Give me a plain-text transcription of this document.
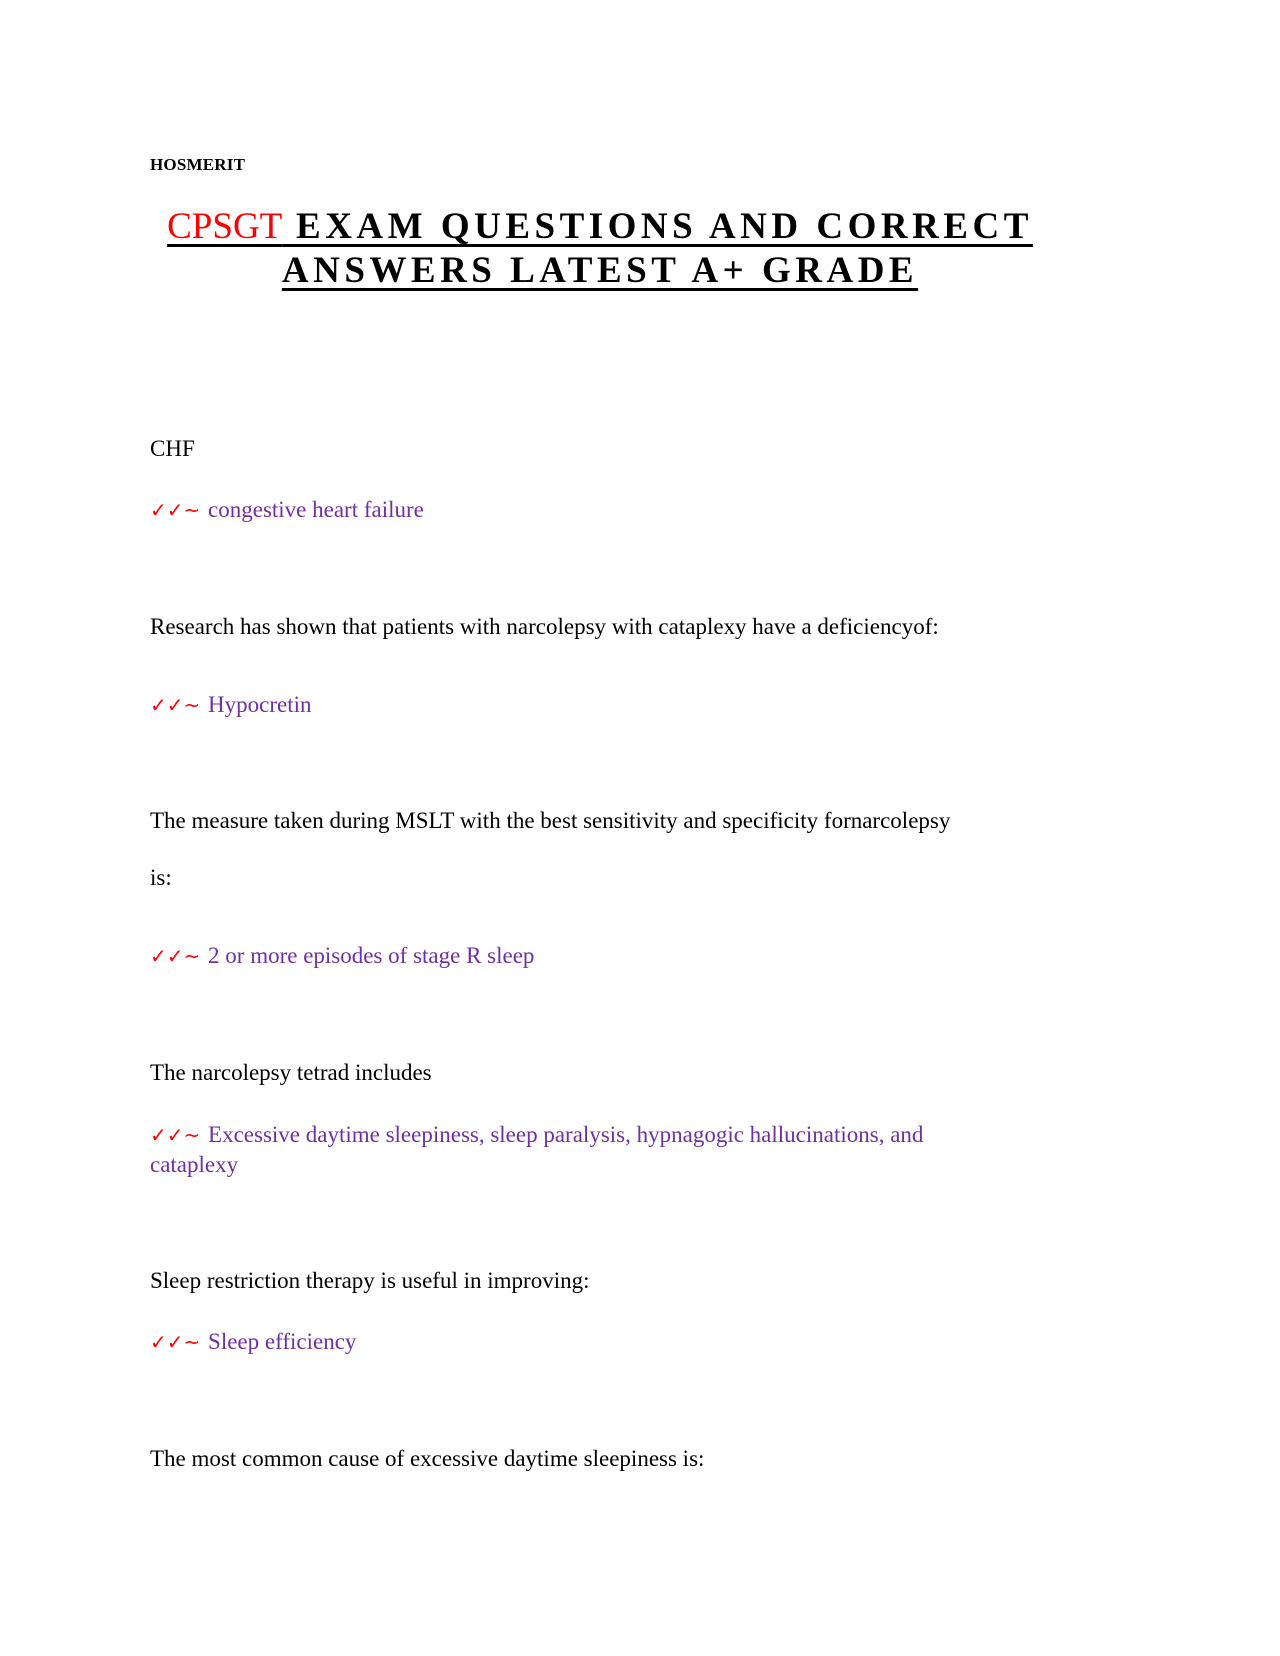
HOSMERIT
CPSGT EXAM QUESTIONS AND CORRECT
ANSWERS LATEST A+ GRADE
CHF
✓✓~ congestive heart failure
Research has shown that patients with narcolepsy with cataplexy have a deficiencyof:
✓✓~ Hypocretin
The measure taken during MSLT with the best sensitivity and specificity fornarcolepsy
is:
✓✓~ 2 or more episodes of stage R sleep
The narcolepsy tetrad includes
✓✓~ Excessive daytime sleepiness, sleep paralysis, hypnagogic hallucinations, and cataplexy
Sleep restriction therapy is useful in improving:
✓✓~ Sleep efficiency
The most common cause of excessive daytime sleepiness is:
